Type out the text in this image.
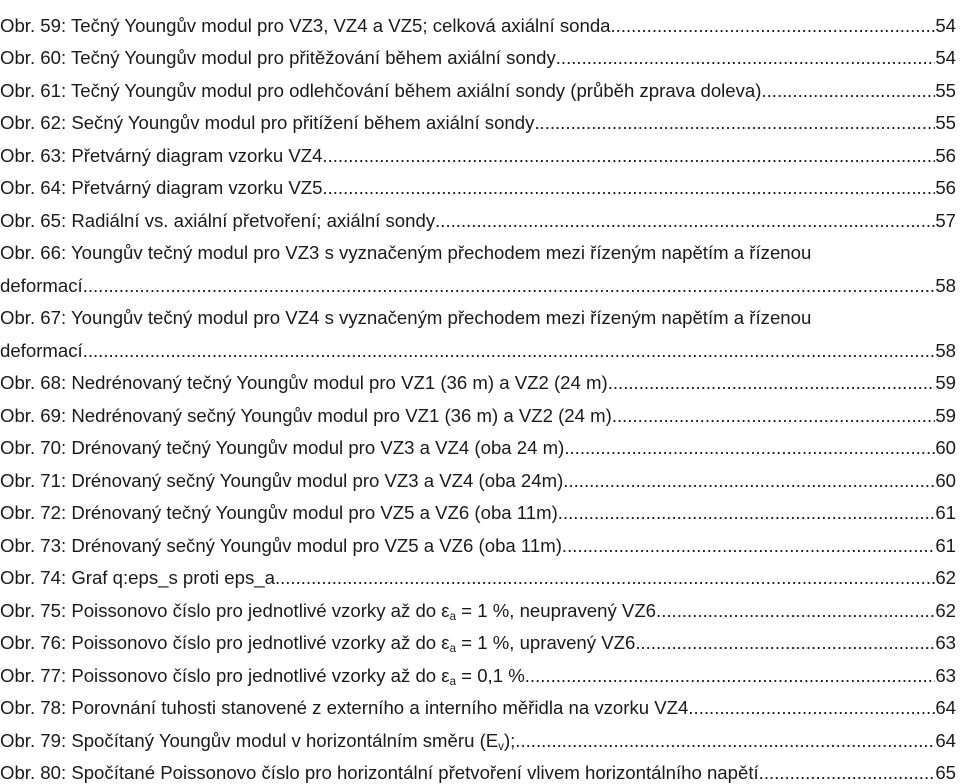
Obr. 59: Tečný Youngův modul pro VZ3, VZ4 a VZ5; celková axiální sonda .....	54
Obr. 60: Tečný Youngův modul pro přitěžování během axiální sondy .....	54
Obr. 61: Tečný Youngův modul pro odlehčování během axiální sondy (průběh zprava doleva) .....	55
Obr. 62: Sečný Youngův modul pro přitížení během axiální sondy .....	55
Obr. 63: Přetvárný diagram vzorku VZ4 .....	56
Obr. 64: Přetvárný diagram vzorku VZ5 .....	56
Obr. 65: Radiální vs. axiální přetvoření; axiální sondy .....	57
Obr. 66: Youngův tečný modul pro VZ3 s vyznačeným přechodem mezi řízeným napětím a řízenou
deformací .....	58
Obr. 67: Youngův tečný modul pro VZ4 s vyznačeným přechodem mezi řízeným napětím a řízenou
deformací .....	58
Obr. 68: Nedrénovaný tečný Youngův modul pro VZ1 (36 m) a VZ2 (24 m) .....	59
Obr. 69: Nedrénovaný sečný Youngův modul pro VZ1 (36 m) a VZ2 (24 m) .....	59
Obr. 70: Drénovaný tečný Youngův modul pro VZ3 a VZ4 (oba 24 m) .....	60
Obr. 71: Drénovaný sečný Youngův modul pro VZ3 a VZ4 (oba 24m) .....	60
Obr. 72: Drénovaný tečný Youngův modul pro VZ5 a VZ6 (oba 11m) .....	61
Obr. 73: Drénovaný sečný Youngův modul pro VZ5 a VZ6 (oba 11m) .....	61
Obr. 74: Graf q:eps_s proti eps_a .....	62
Obr. 75: Poissonovo číslo pro jednotlivé vzorky až do $\varepsilon_a = 1$ %, neupravený VZ6 .....	62
Obr. 76: Poissonovo číslo pro jednotlivé vzorky až do $\varepsilon_a = 1$ %, upravený VZ6 .....	63
Obr. 77: Poissonovo číslo pro jednotlivé vzorky až do $\varepsilon_a = 0,1$ % .....	63
Obr. 78: Porovnání tuhosti stanovené z externího a interního měřidla na vzorku VZ4 .....	64
Obr. 79: Spočítaný Youngův modul v horizontálním směru $(E_v)$; .....	64
Obr. 80: Spočítané Poissonovo číslo pro horizontální přetvoření vlivem horizontálního napětí .....	65
